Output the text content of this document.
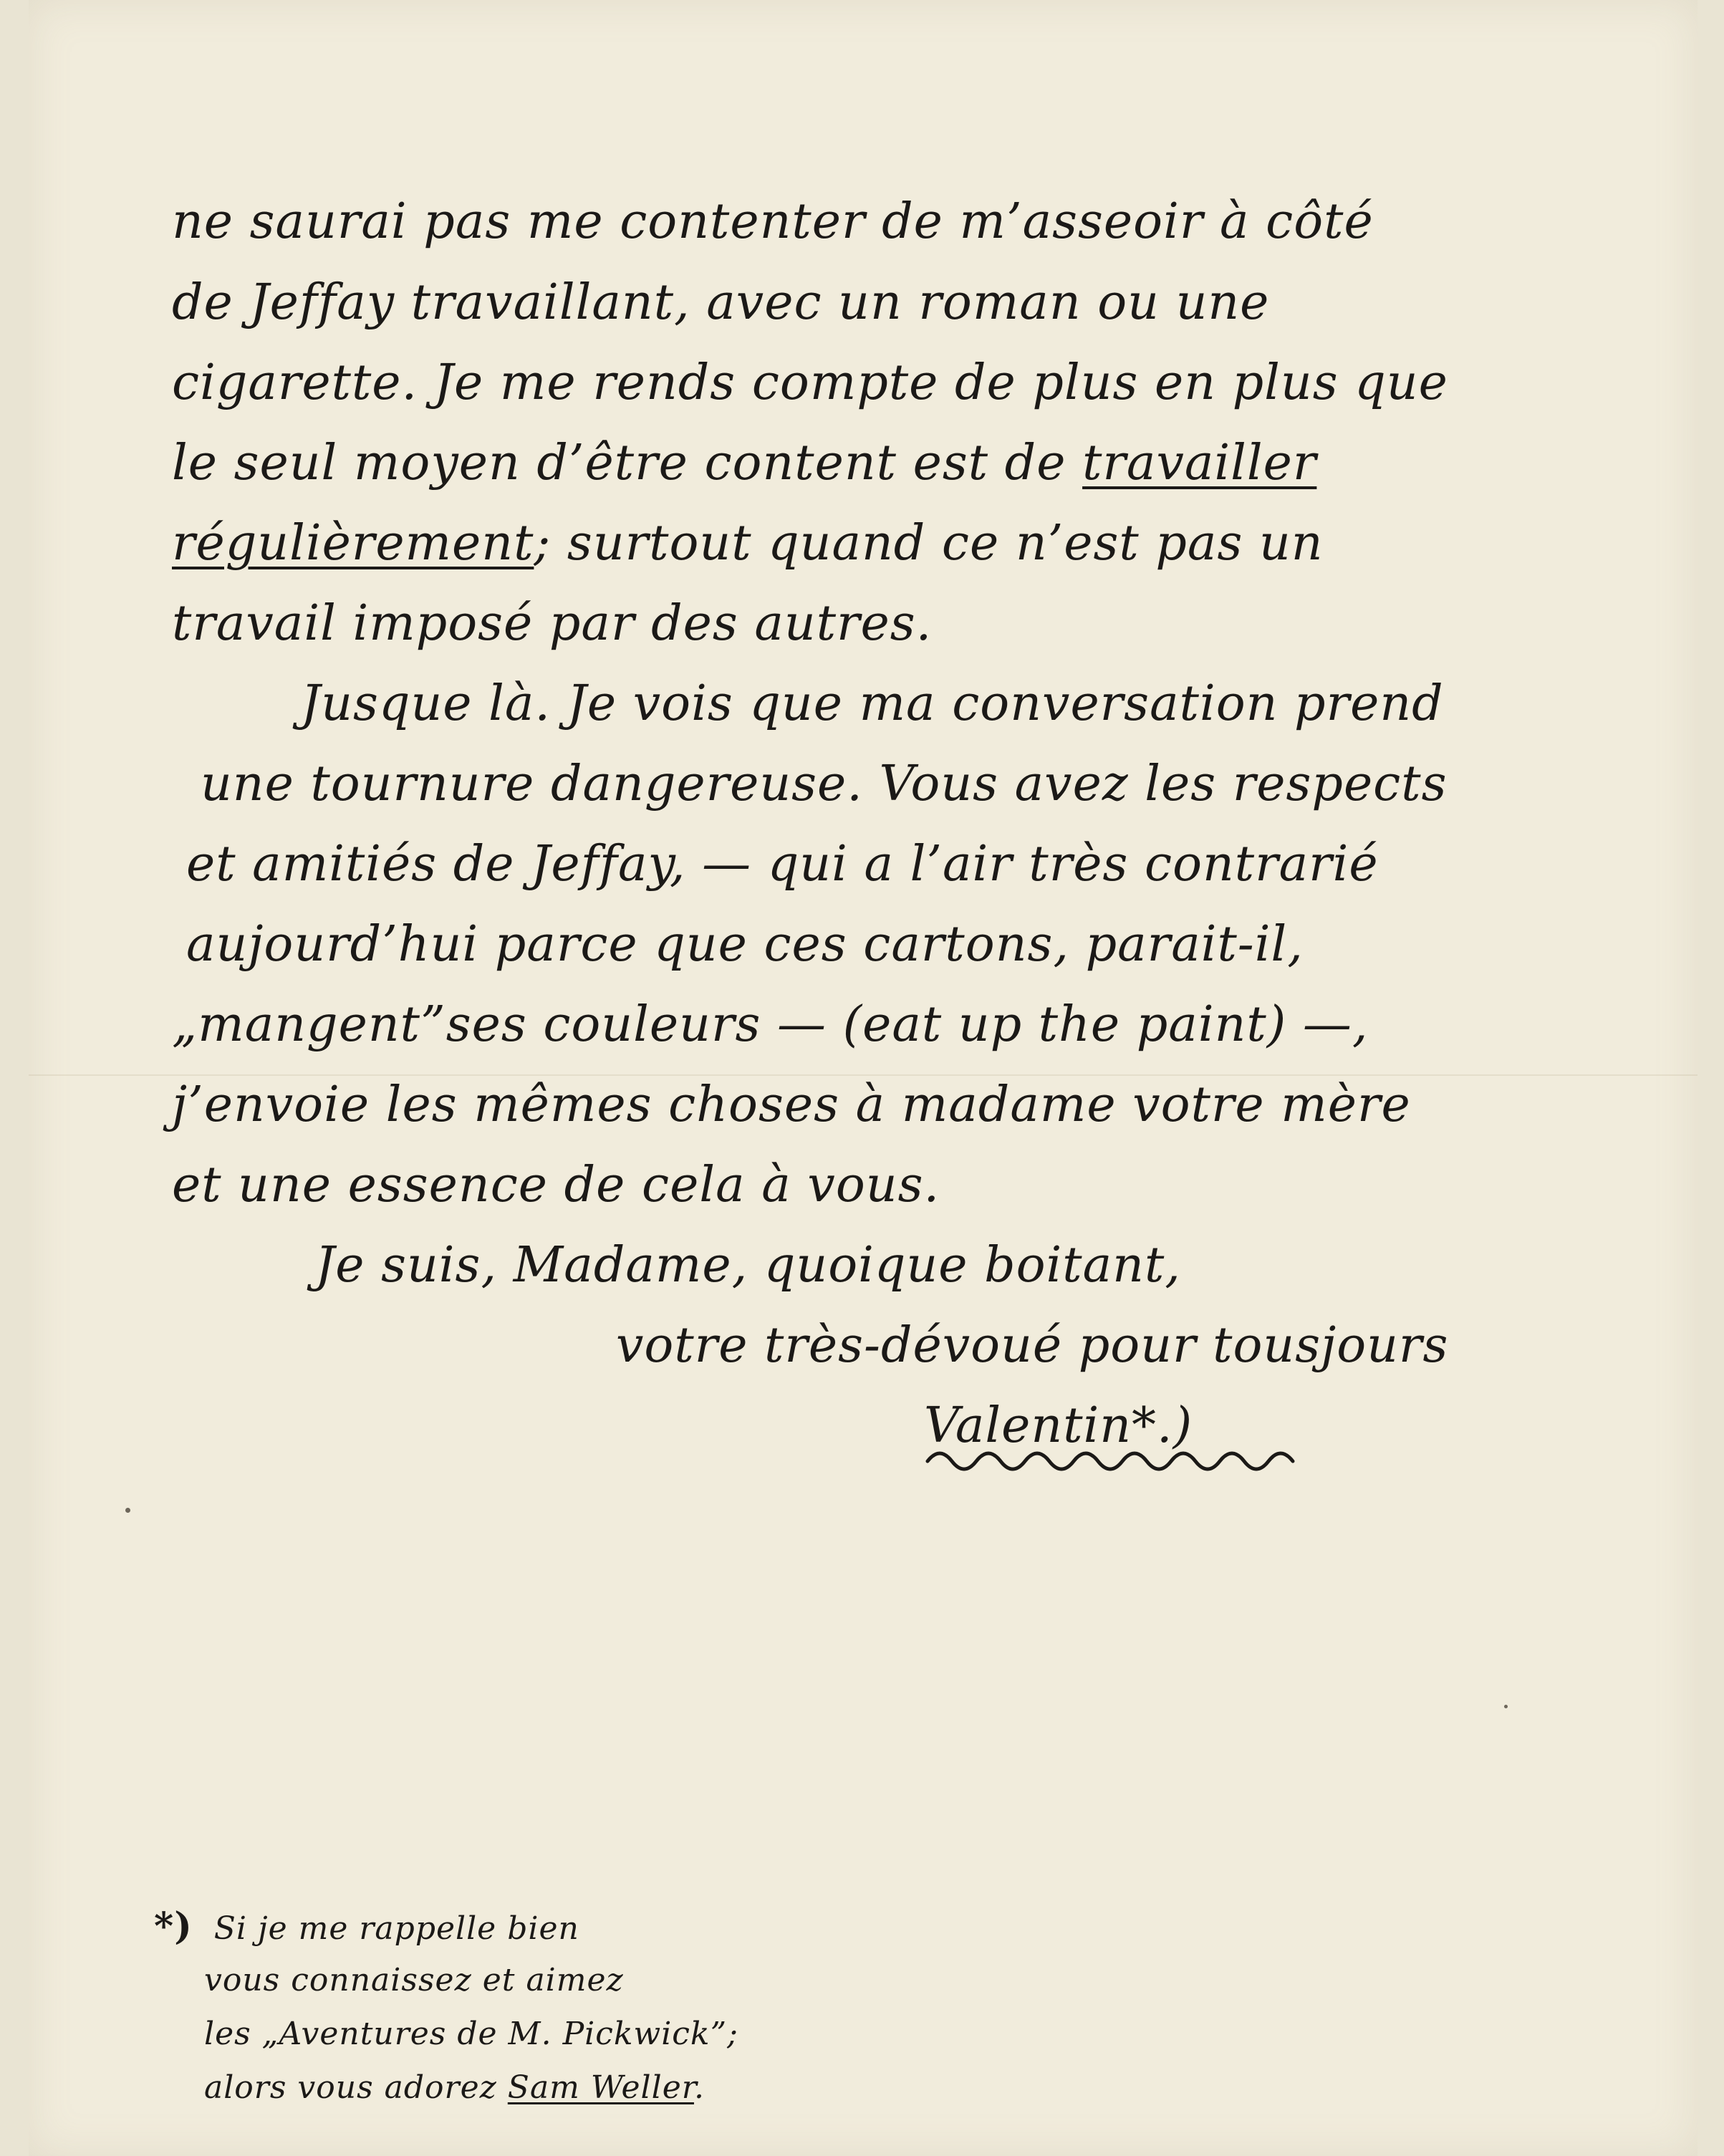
ne saurai pas me contenter de m’asseoir à côté

de Jeffay travaillant, avec un roman ou une

cigarette. Je me rends compte de plus en plus que

le seul moyen d’être content est de travailler

régulièrement; surtout quand ce n’est pas un

travail imposé par des autres.

Jusque là. Je vois que ma conversation prend

une tournure dangereuse. Vous avez les respects

et amitiés de Jeffay, — qui a l’air très contrarié

aujourd’hui parce que ces cartons, parait-il,

„mangent”ses couleurs — (eat up the paint) —,

j’envoie les mêmes choses à madame votre mère

et une essence de cela à vous.

Je suis, Madame, quoique boitant,

votre très-dévoué pour tousjours

Valentin*.)

*) Si je me rappelle bien

vous connaissez et aimez

les „Aventures de M. Pickwick”;

alors vous adorez Sam Weller.
